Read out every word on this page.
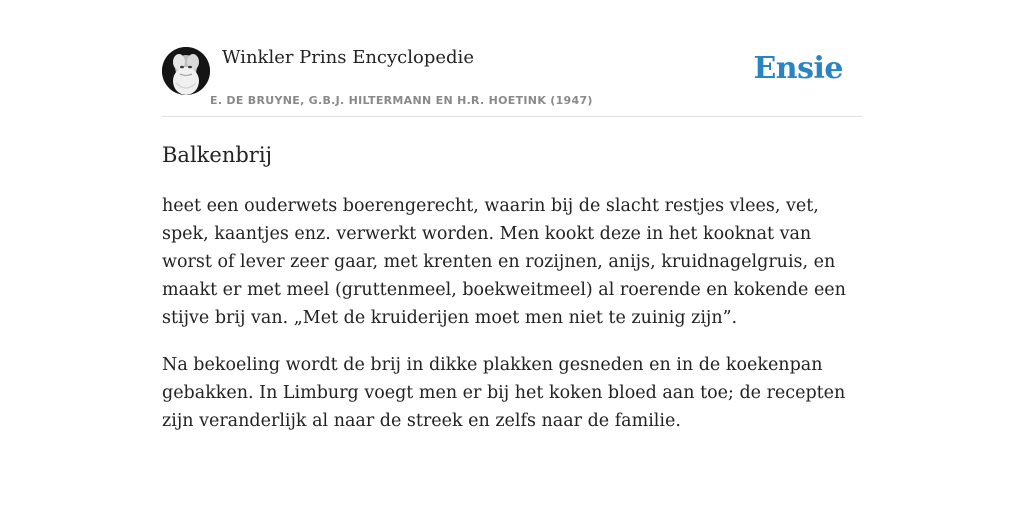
Winkler Prins Encyclopedie
E. DE BRUYNE, G.B.J. HILTERMANN EN H.R. HOETINK (1947)
Ensie
Balkenbrij

heet een ouderwets boerengerecht, waarin bij de slacht restjes vlees, vet, spek, kaantjes enz. verwerkt worden. Men kookt deze in het kooknat van worst of lever zeer gaar, met krenten en rozijnen, anijs, kruidnagelgruis, en maakt er met meel (gruttenmeel, boekweitmeel) al roerende en kokende een stijve brij van. „Met de kruiderijen moet men niet te zuinig zijn”.

Na bekoeling wordt de brij in dikke plakken gesneden en in de koekenpan gebakken. In Limburg voegt men er bij het koken bloed aan toe; de recepten zijn veranderlijk al naar de streek en zelfs naar de familie.
